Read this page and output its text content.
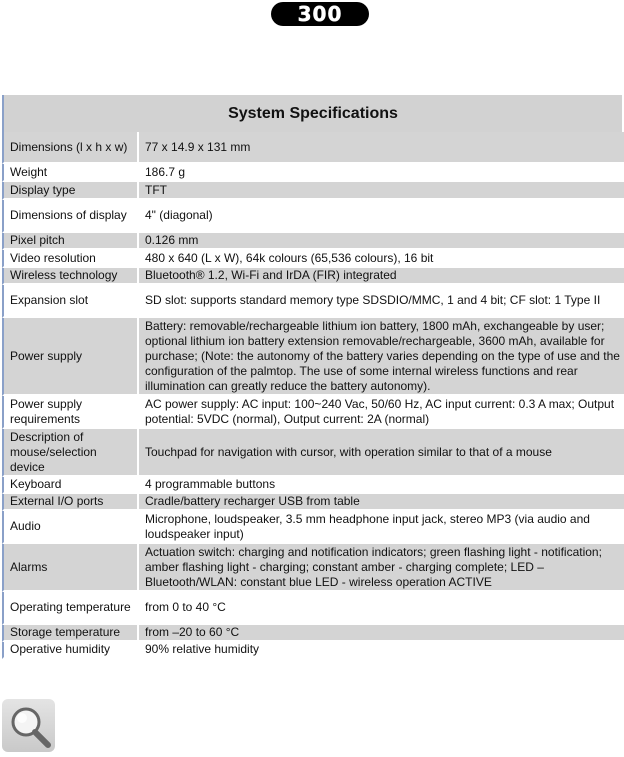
300
System Specifications
Dimensions (l x h x w)	77 x 14.9 x 131 mm
Weight	186.7 g
Display type	TFT
Dimensions of display	4" (diagonal)
Pixel pitch	0.126 mm
Video resolution	480 x 640 (L x W), 64k colours (65,536 colours), 16 bit
Wireless technology	Bluetooth® 1.2, Wi-Fi and IrDA (FIR) integrated
Expansion slot	SD slot: supports standard memory type SDSDIO/MMC, 1 and 4 bit; CF slot: 1 Type II
Power supply	Battery: removable/rechargeable lithium ion battery, 1800 mAh, exchangeable by user; optional lithium ion battery extension removable/rechargeable, 3600 mAh, available for purchase; (Note: the autonomy of the battery varies depending on the type of use and the configuration of the palmtop. The use of some internal wireless functions and rear illumination can greatly reduce the battery autonomy).
Power supply requirements	AC power supply: AC input: 100~240 Vac, 50/60 Hz, AC input current: 0.3 A max; Output potential: 5VDC (normal), Output current: 2A (normal)
Description of mouse/selection device	Touchpad for navigation with cursor, with operation similar to that of a mouse
Keyboard	4 programmable buttons
External I/O ports	Cradle/battery recharger USB from table
Audio	Microphone, loudspeaker, 3.5 mm headphone input jack, stereo MP3 (via audio and loudspeaker input)
Alarms	Actuation switch: charging and notification indicators; green flashing light - notification; amber flashing light - charging; constant amber - charging complete; LED – Bluetooth/WLAN: constant blue LED - wireless operation ACTIVE
Operating temperature	from 0 to 40 °C
Storage temperature	from –20 to 60 °C
Operative humidity	90% relative humidity
